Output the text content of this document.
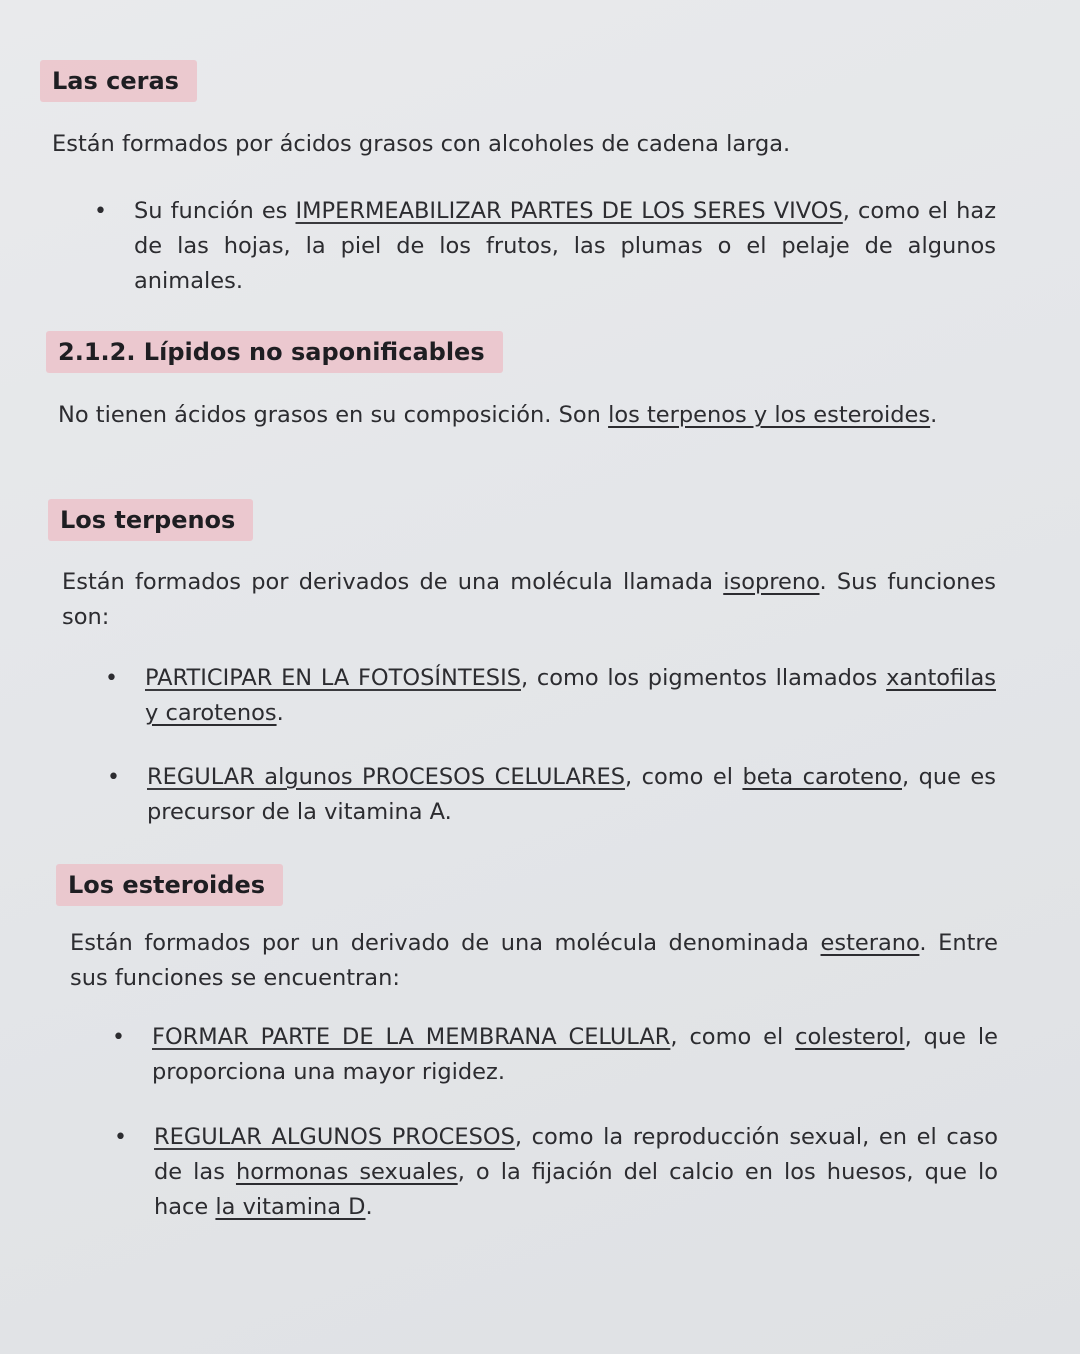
Las ceras
Están formados por ácidos grasos con alcoholes de cadena larga.
• Su función es IMPERMEABILIZAR PARTES DE LOS SERES VIVOS, como el haz de las hojas, la piel de los frutos, las plumas o el pelaje de algunos animales.
2.1.2. Lípidos no saponificables
No tienen ácidos grasos en su composición. Son los terpenos y los esteroides.
Los terpenos
Están formados por derivados de una molécula llamada isopreno. Sus funciones son:
• PARTICIPAR EN LA FOTOSÍNTESIS, como los pigmentos llamados xantofilas y carotenos.
• REGULAR algunos PROCESOS CELULARES, como el beta caroteno, que es precursor de la vitamina A.
Los esteroides
Están formados por un derivado de una molécula denominada esterano. Entre sus funciones se encuentran:
• FORMAR PARTE DE LA MEMBRANA CELULAR, como el colesterol, que le proporciona una mayor rigidez.
• REGULAR ALGUNOS PROCESOS, como la reproducción sexual, en el caso de las hormonas sexuales, o la fijación del calcio en los huesos, que lo hace la vitamina D.
